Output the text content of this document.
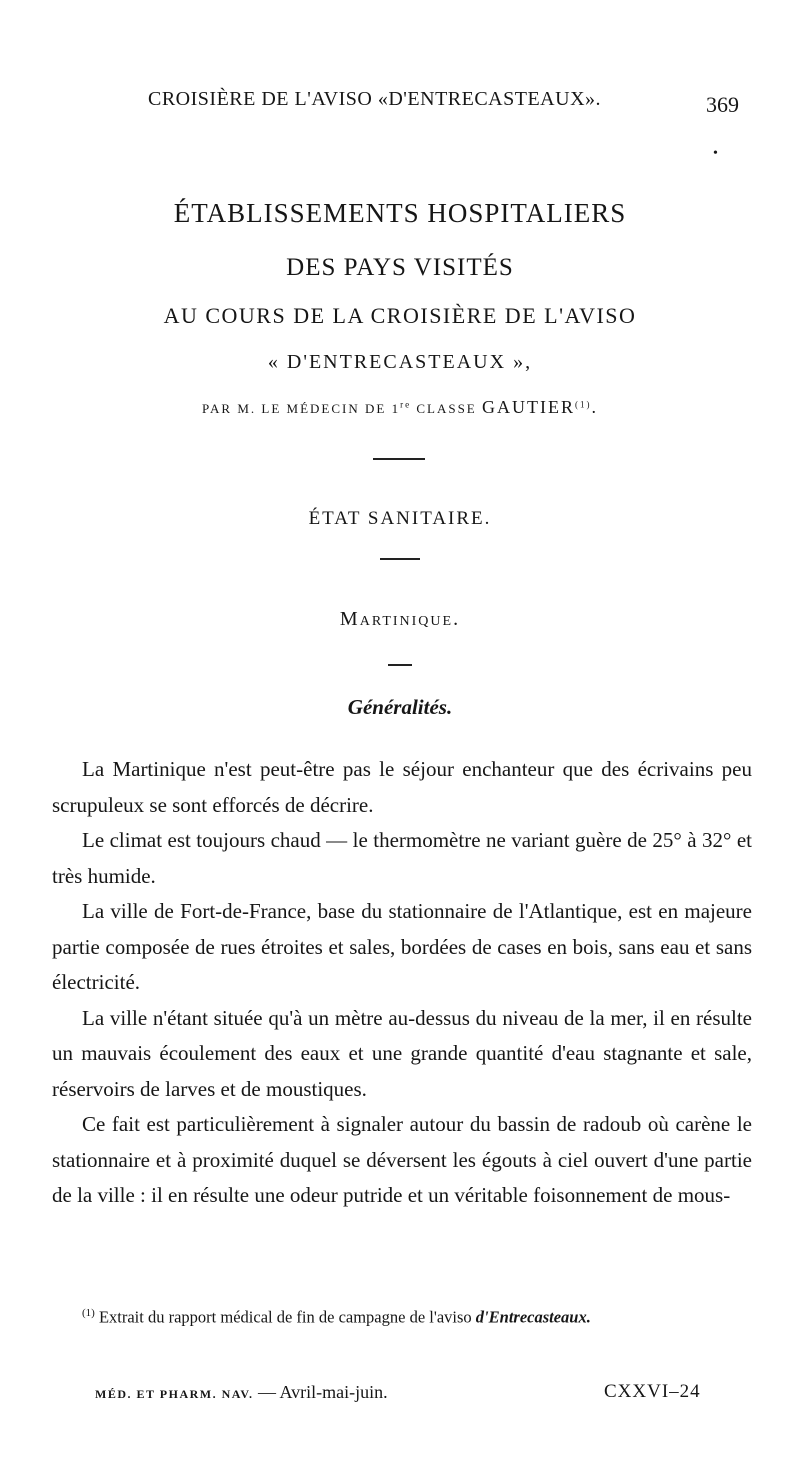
CROISIÈRE DE L'AVISO «D'ENTRECASTEAUX».	369
•
ÉTABLISSEMENTS HOSPITALIERS
DES PAYS VISITÉS
AU COURS DE LA CROISIÈRE DE L'AVISO
« D'ENTRECASTEAUX »,
PAR M. LE MÉDECIN DE 1re CLASSE GAUTIER$^{(1)}$.
ÉTAT SANITAIRE.
Martinique.
Généralités.

La Martinique n'est peut-être pas le séjour enchanteur que des écrivains peu scrupuleux se sont efforcés de décrire.

Le climat est toujours chaud — le thermomètre ne variant guère de 25° à 32° et très humide.

La ville de Fort-de-France, base du stationnaire de l'Atlantique, est en majeure partie composée de rues étroites et sales, bordées de cases en bois, sans eau et sans électricité.

La ville n'étant située qu'à un mètre au-dessus du niveau de la mer, il en résulte un mauvais écoulement des eaux et une grande quantité d'eau stagnante et sale, réservoirs de larves et de moustiques.

Ce fait est particulièrement à signaler autour du bassin de radoub où carène le stationnaire et à proximité duquel se déversent les égouts à ciel ouvert d'une partie de la ville : il en résulte une odeur putride et un véritable foisonnement de mous-

$^{(1)}$ Extrait du rapport médical de fin de campagne de l'aviso d'Entrecasteaux.
MÉD. ET PHARM. NAV. — Avril-mai-juin.	CXXVI–24
